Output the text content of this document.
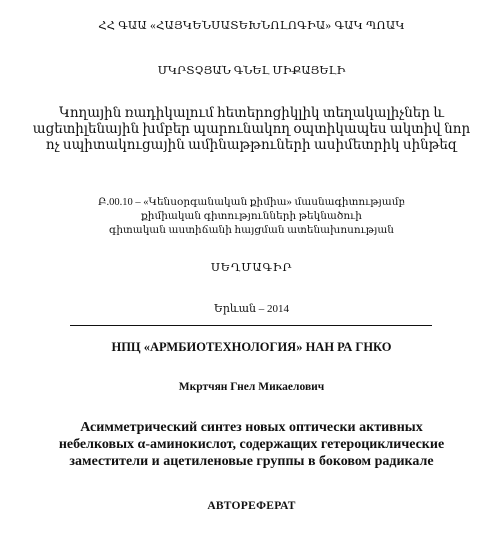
ՀՀ ԳԱԱ «ՀԱՅԿԵՆՍԱՏԵԽՆՈԼՈԳԻԱ» ԳԱԿ ՊՈԱԿ
ՄԿՐՏՉՅԱՆ ԳՆԵԼ ՄԻՔԱՅԵԼԻ
Կողային ռադիկալում հետերոցիկլիկ տեղակալիչներ և
ացետիլենային խմբեր պարունակող օպտիկապես ակտիվ նոր
ոչ սպիտակուցային ամինաթթուների ասիմետրիկ սինթեզ
Բ.00.10 – «Կենսօրգանական քիմիա» մասնագիտությամբ
քիմիական գիտությունների թեկնածուի
գիտական աստիճանի հայցման ատենախոսության
ՍԵՂՄԱԳԻՐ
Երևան – 2014
НПЦ «АРМБИОТЕХНОЛОГИЯ» НАН РА ГНКО
Мкртчян Гнел Микаелович
Асимметрический синтез новых оптически активных
небелковых α-аминокислот, содержащих гетероциклические
заместители и ацетиленовые группы в боковом радикале
АВТОРЕФЕРАТ
